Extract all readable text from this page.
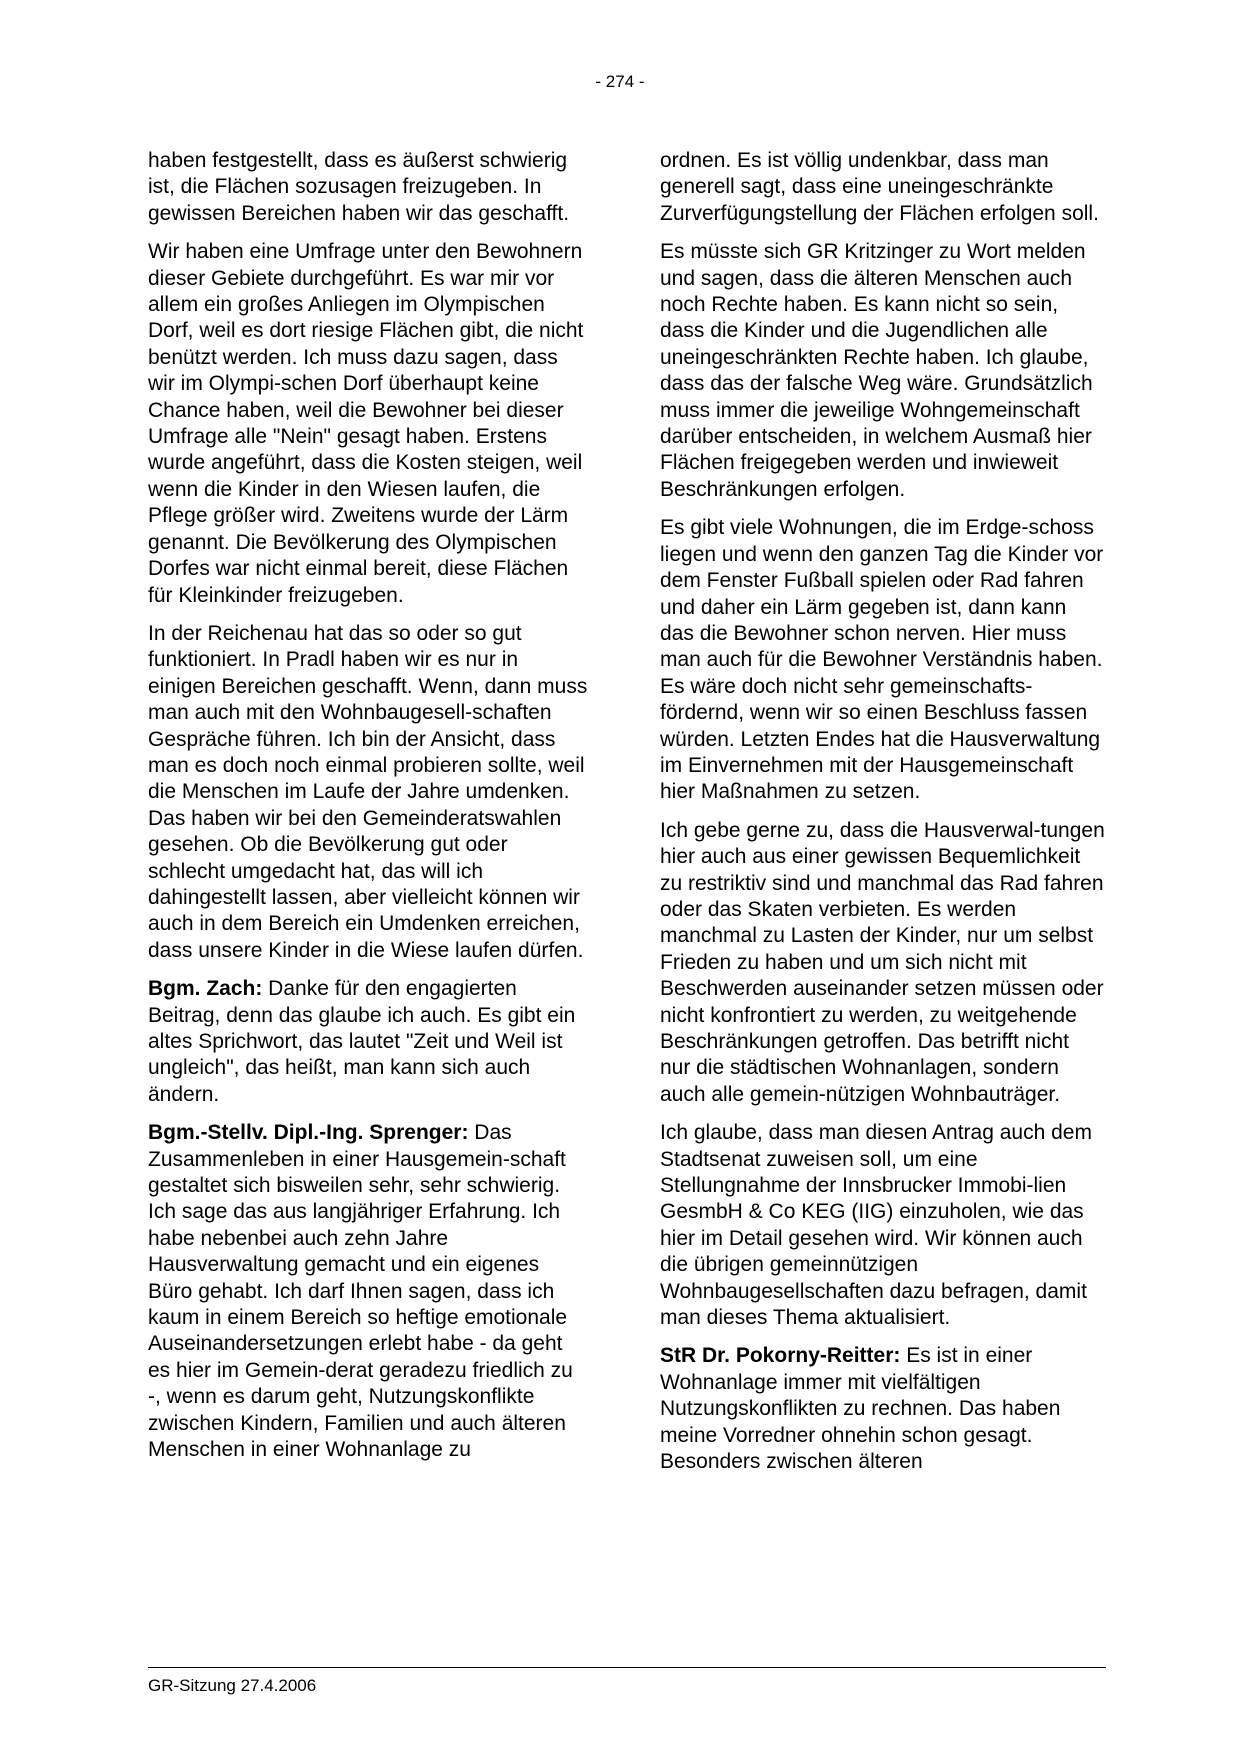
- 274 -

haben festgestellt, dass es äußerst schwierig ist, die Flächen sozusagen freizugeben. In gewissen Bereichen haben wir das geschafft.

Wir haben eine Umfrage unter den Bewohnern dieser Gebiete durchgeführt. Es war mir vor allem ein großes Anliegen im Olympischen Dorf, weil es dort riesige Flächen gibt, die nicht benützt werden. Ich muss dazu sagen, dass wir im Olympi-schen Dorf überhaupt keine Chance haben, weil die Bewohner bei dieser Umfrage alle "Nein" gesagt haben. Erstens wurde angeführt, dass die Kosten steigen, weil wenn die Kinder in den Wiesen laufen, die Pflege größer wird. Zweitens wurde der Lärm genannt. Die Bevölkerung des Olympischen Dorfes war nicht einmal bereit, diese Flächen für Kleinkinder freizugeben.

In der Reichenau hat das so oder so gut funktioniert. In Pradl haben wir es nur in einigen Bereichen geschafft. Wenn, dann muss man auch mit den Wohnbaugesell-schaften Gespräche führen. Ich bin der Ansicht, dass man es doch noch einmal probieren sollte, weil die Menschen im Laufe der Jahre umdenken. Das haben wir bei den Gemeinderatswahlen gesehen. Ob die Bevölkerung gut oder schlecht umgedacht hat, das will ich dahingestellt lassen, aber vielleicht können wir auch in dem Bereich ein Umdenken erreichen, dass unsere Kinder in die Wiese laufen dürfen.

Bgm. Zach: Danke für den engagierten Beitrag, denn das glaube ich auch. Es gibt ein altes Sprichwort, das lautet "Zeit und Weil ist ungleich", das heißt, man kann sich auch ändern.

Bgm.-Stellv. Dipl.-Ing. Sprenger: Das Zusammenleben in einer Hausgemein-schaft gestaltet sich bisweilen sehr, sehr schwierig. Ich sage das aus langjähriger Erfahrung. Ich habe nebenbei auch zehn Jahre Hausverwaltung gemacht und ein eigenes Büro gehabt. Ich darf Ihnen sagen, dass ich kaum in einem Bereich so heftige emotionale Auseinandersetzungen erlebt habe - da geht es hier im Gemein-derat geradezu friedlich zu -, wenn es darum geht, Nutzungskonflikte zwischen Kindern, Familien und auch älteren Menschen in einer Wohnanlage zu

ordnen. Es ist völlig undenkbar, dass man generell sagt, dass eine uneingeschränkte Zurverfügungstellung der Flächen erfolgen soll.

Es müsste sich GR Kritzinger zu Wort melden und sagen, dass die älteren Menschen auch noch Rechte haben. Es kann nicht so sein, dass die Kinder und die Jugendlichen alle uneingeschränkten Rechte haben. Ich glaube, dass das der falsche Weg wäre. Grundsätzlich muss immer die jeweilige Wohngemeinschaft darüber entscheiden, in welchem Ausmaß hier Flächen freigegeben werden und inwieweit Beschränkungen erfolgen.

Es gibt viele Wohnungen, die im Erdge-schoss liegen und wenn den ganzen Tag die Kinder vor dem Fenster Fußball spielen oder Rad fahren und daher ein Lärm gegeben ist, dann kann das die Bewohner schon nerven. Hier muss man auch für die Bewohner Verständnis haben. Es wäre doch nicht sehr gemeinschafts-fördernd, wenn wir so einen Beschluss fassen würden. Letzten Endes hat die Hausverwaltung im Einvernehmen mit der Hausgemeinschaft hier Maßnahmen zu setzen.

Ich gebe gerne zu, dass die Hausverwal-tungen hier auch aus einer gewissen Bequemlichkeit zu restriktiv sind und manchmal das Rad fahren oder das Skaten verbieten. Es werden manchmal zu Lasten der Kinder, nur um selbst Frieden zu haben und um sich nicht mit Beschwerden auseinander setzen müssen oder nicht konfrontiert zu werden, zu weitgehende Beschränkungen getroffen. Das betrifft nicht nur die städtischen Wohnanlagen, sondern auch alle gemein-nützigen Wohnbauträger.

Ich glaube, dass man diesen Antrag auch dem Stadtsenat zuweisen soll, um eine Stellungnahme der Innsbrucker Immobi-lien GesmbH & Co KEG (IIG) einzuholen, wie das hier im Detail gesehen wird. Wir können auch die übrigen gemeinnützigen Wohnbaugesellschaften dazu befragen, damit man dieses Thema aktualisiert.

StR Dr. Pokorny-Reitter: Es ist in einer Wohnanlage immer mit vielfältigen Nutzungskonflikten zu rechnen. Das haben meine Vorredner ohnehin schon gesagt. Besonders zwischen älteren

GR-Sitzung 27.4.2006
